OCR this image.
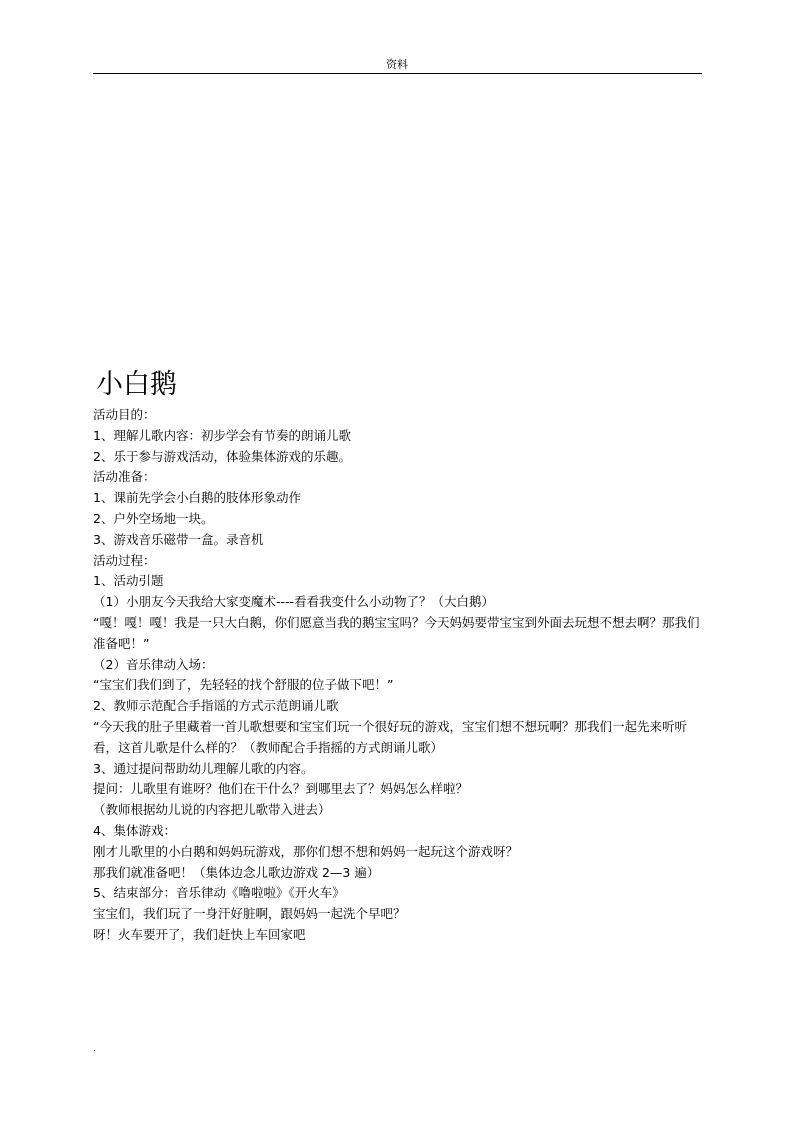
资料
小白鹅
活动目的：
1、理解儿歌内容：初步学会有节奏的朗诵儿歌
2、乐于参与游戏活动，体验集体游戏的乐趣。
活动准备：
1、课前先学会小白鹅的肢体形象动作
2、户外空场地一块。
3、游戏音乐磁带一盒。录音机
活动过程：
1、活动引题
（1）小朋友今天我给大家变魔术----看看我变什么小动物了？（大白鹅）
“嘎！嘎！嘎！我是一只大白鹅，你们愿意当我的鹅宝宝吗？今天妈妈要带宝宝到外面去玩想不想去啊？那我们准备吧！”
（2）音乐律动入场：
“宝宝们我们到了，先轻轻的找个舒服的位子做下吧！”
2、教师示范配合手指谣的方式示范朗诵儿歌
“今天我的肚子里藏着一首儿歌想要和宝宝们玩一个很好玩的游戏，宝宝们想不想玩啊？那我们一起先来听听看，这首儿歌是什么样的？（教师配合手指摇的方式朗诵儿歌）
3、通过提问帮助幼儿理解儿歌的内容。
提问：儿歌里有谁呀？他们在干什么？到哪里去了？妈妈怎么样啦？
（教师根据幼儿说的内容把儿歌带入进去）
4、集体游戏：
刚才儿歌里的小白鹅和妈妈玩游戏，那你们想不想和妈妈一起玩这个游戏呀？
那我们就准备吧！（集体边念儿歌边游戏 2—3 遍）
5、结束部分：音乐律动《噜啦啦》《开火车》
宝宝们，我们玩了一身汗好脏啊，跟妈妈一起洗个早吧？
呀！火车要开了，我们赶快上车回家吧
.
